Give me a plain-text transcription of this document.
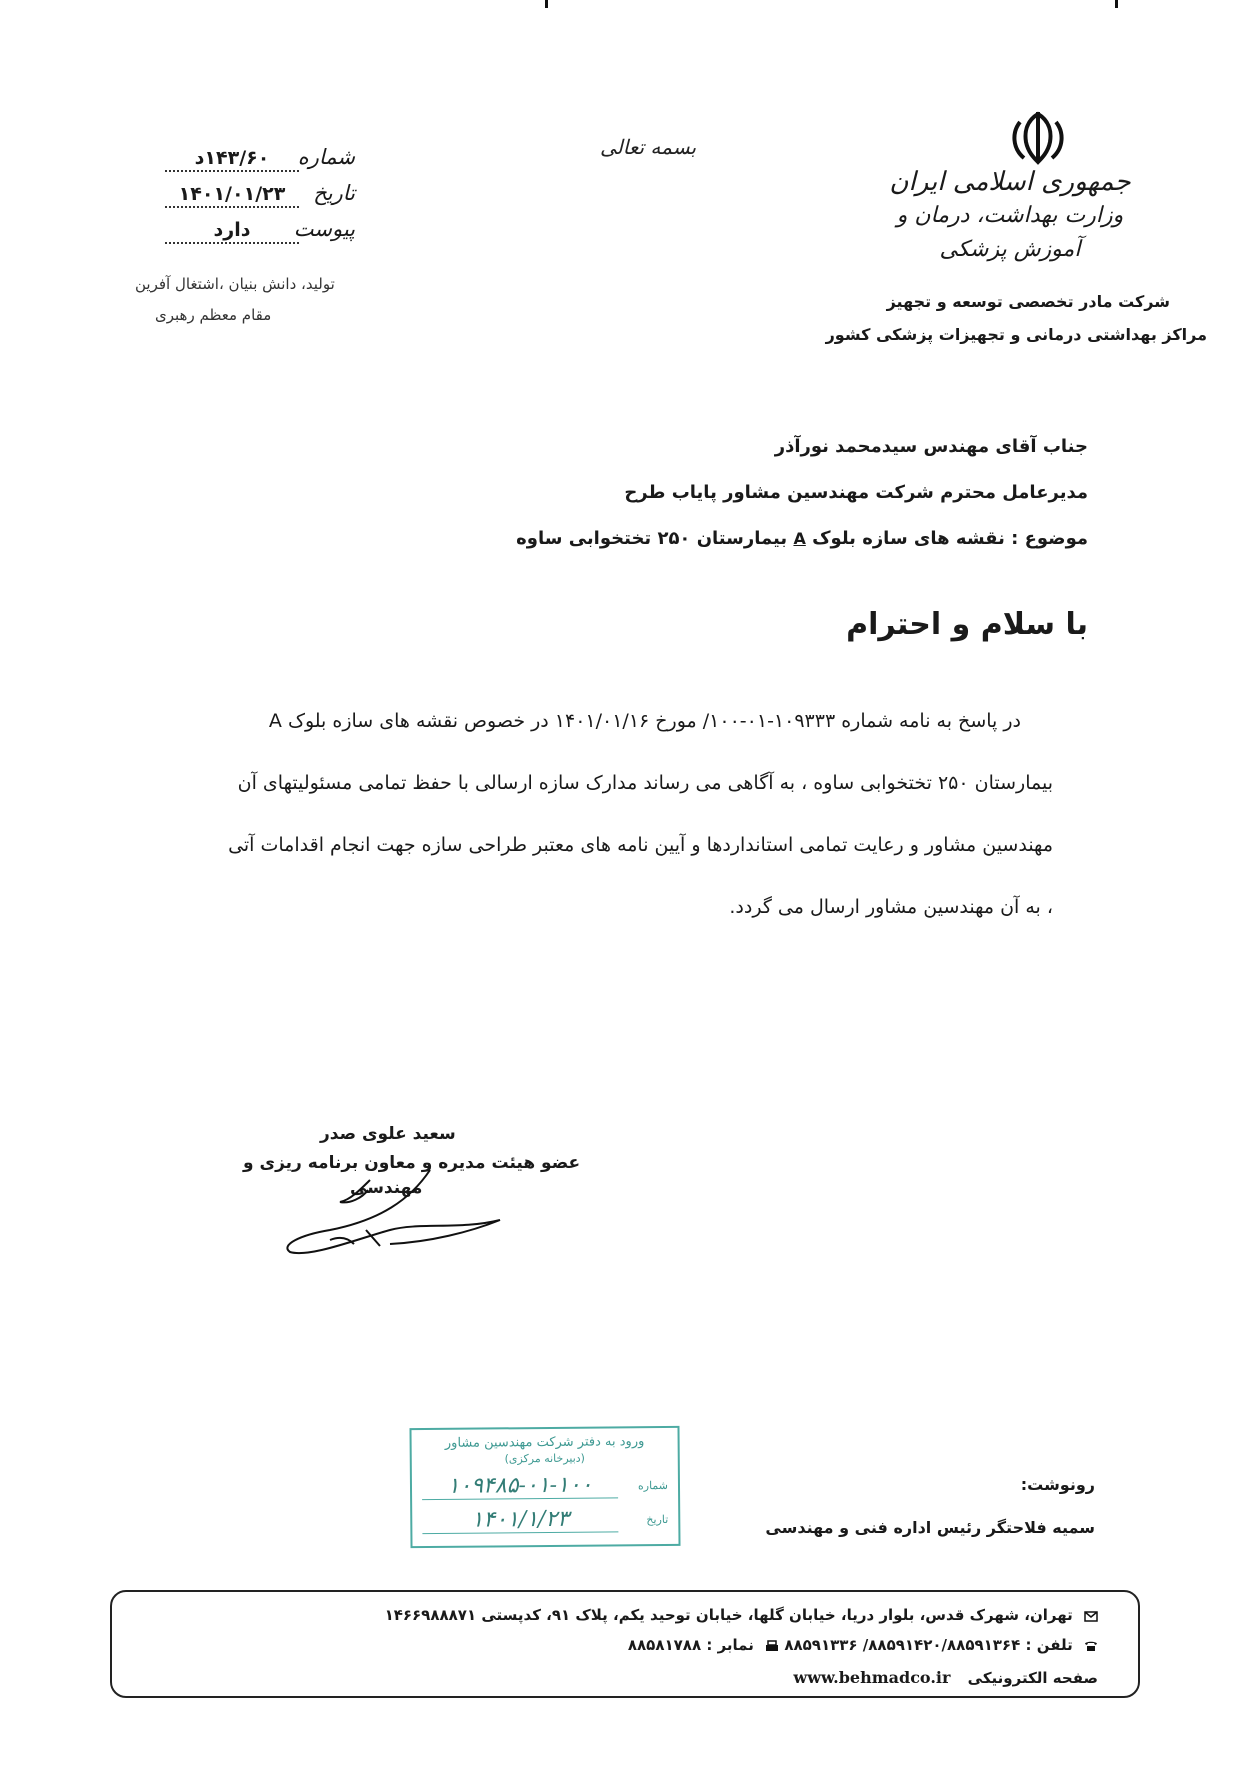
جمهوری اسلامی ایران
وزارت بهداشت، درمان و آموزش پزشکی
شرکت مادر تخصصی توسعه و تجهیز
مراکز بهداشتی درمانی و تجهیزات پزشکی کشور
بسمه تعالی
شماره
۱۴۳/۶۰د
تاریخ
۱۴۰۱/۰۱/۲۳
پیوست
دارد
تولید، دانش بنیان ،اشتغال آفرین
مقام معظم رهبری
جناب آقای مهندس سیدمحمد نورآذر
مدیرعامل محترم شرکت مهندسین مشاور پایاب طرح
موضوع : نقشه های سازه بلوک A بیمارستان ۲۵۰ تختخوابی ساوه
با سلام و احترام
در پاسخ به نامه شماره ۱۰۹۳۳۳-۰۱-۱۰۰/ مورخ ۱۴۰۱/۰۱/۱۶ در خصوص نقشه های سازه بلوک A
بیمارستان ۲۵۰ تختخوابی ساوه ، به آگاهی می رساند مدارک سازه ارسالی با حفظ تمامی مسئولیتهای آن
مهندسین مشاور و رعایت تمامی استانداردها و آیین نامه های معتبر طراحی سازه جهت انجام اقدامات آتی
، به آن مهندسین مشاور ارسال می گردد.
سعید علوی صدر
عضو هیئت مدیره و معاون برنامه ریزی و
مهندسی
ورود به دفتر شرکت مهندسین مشاور
(دبیرخانه مرکزی)
شماره
۱۰۹۴۸۵-۰۱-۱۰۰
تاریخ
۱۴۰۱/۱/۲۳
رونوشت:
سمیه فلاحتگر رئیس اداره فنی و مهندسی
تهران، شهرک قدس، بلوار دریا، خیابان گلها، خیابان توحید یکم، پلاک ۹۱، کدپستی ۱۴۶۶۹۸۸۸۷۱
تلفن : ۸۸۵۹۱۴۲۰/۸۸۵۹۱۳۶۴/ ۸۸۵۹۱۳۳۶  نمابر : ۸۸۵۸۱۷۸۸
صفحه الکترونیکی www.behmadco.ir
